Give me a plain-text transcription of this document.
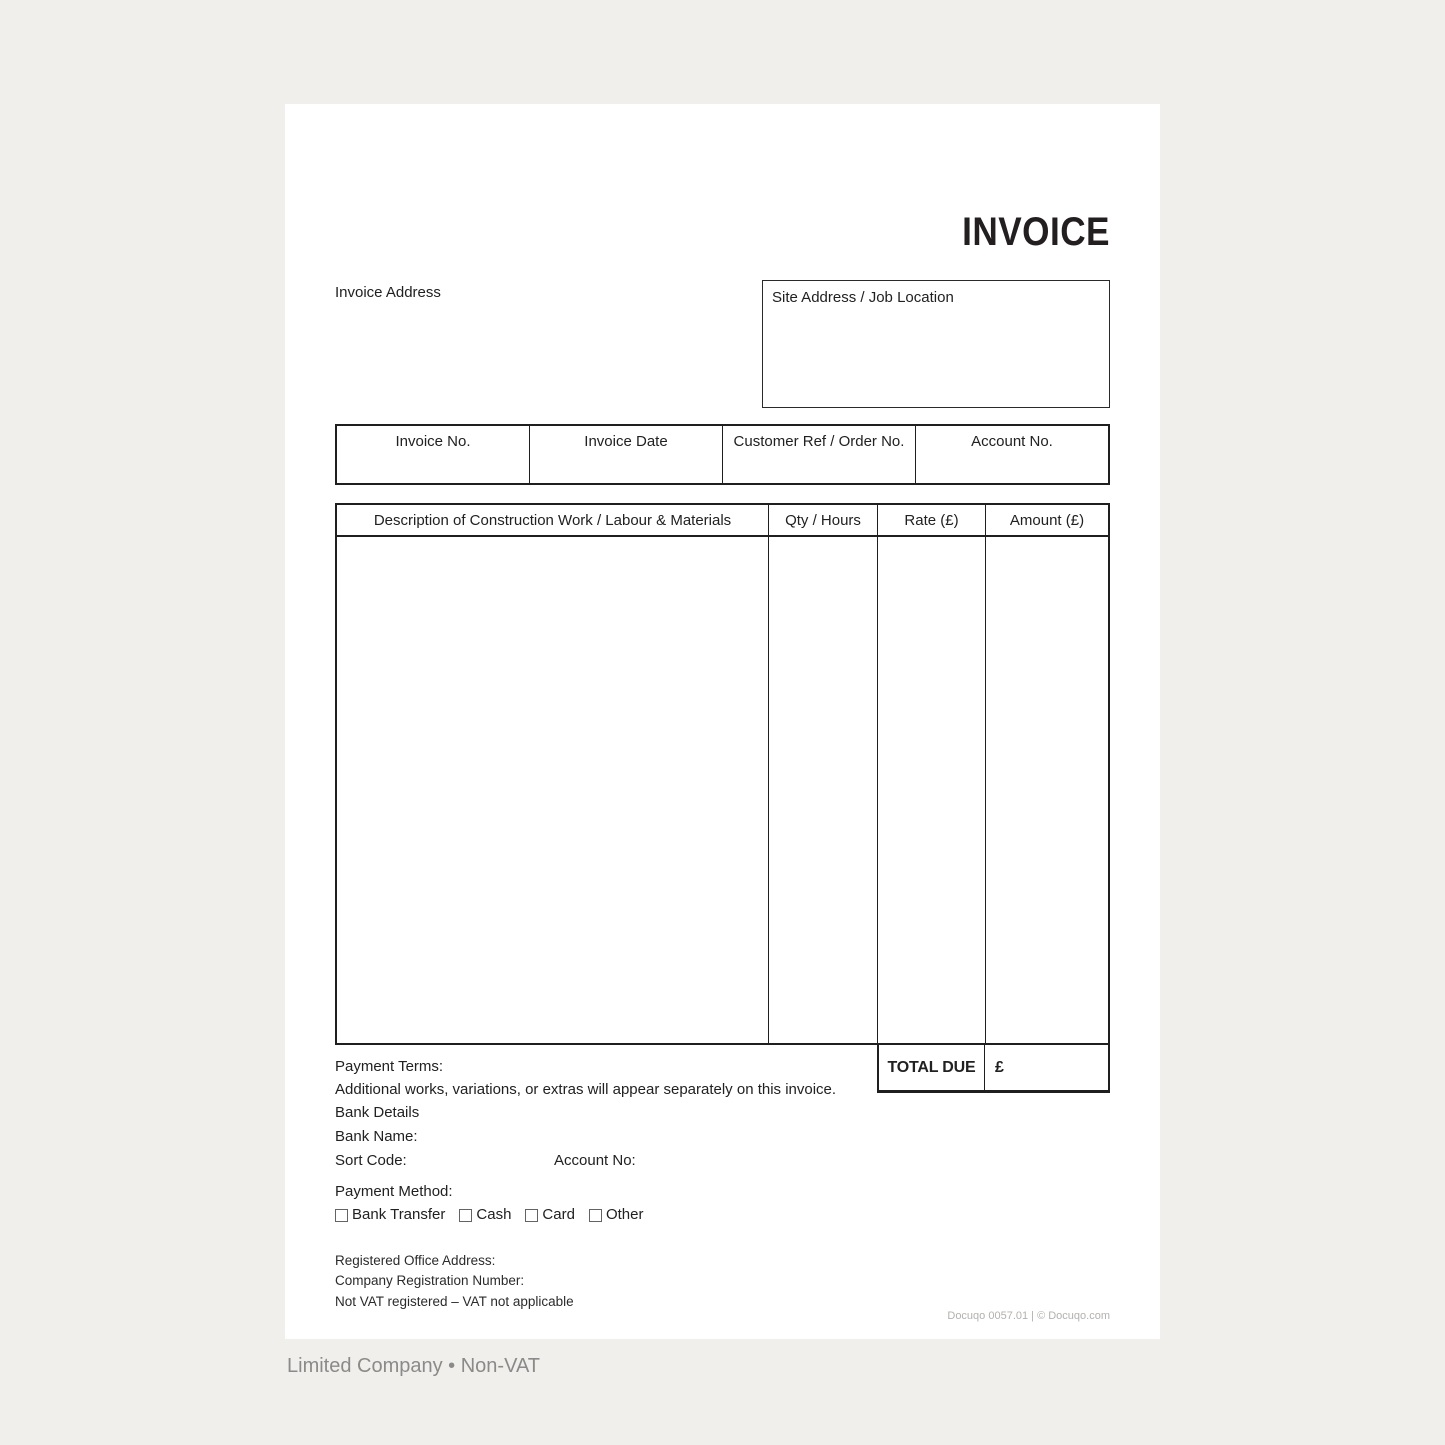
INVOICE
Invoice Address	Site Address / Job Location
Invoice No.	Invoice Date	Customer Ref / Order No.	Account No.
Description of Construction Work / Labour & Materials	Qty / Hours	Rate (£)	Amount (£)
TOTAL DUE	£
Payment Terms:
Additional works, variations, or extras will appear separately on this invoice.
Bank Details
Bank Name:
Sort Code:	Account No:
Payment Method:
Bank Transfer Cash Card Other
Registered Office Address:
Company Registration Number:
Not VAT registered – VAT not applicable
Docuqo 0057.01 | © Docuqo.com
Limited Company • Non-VAT
